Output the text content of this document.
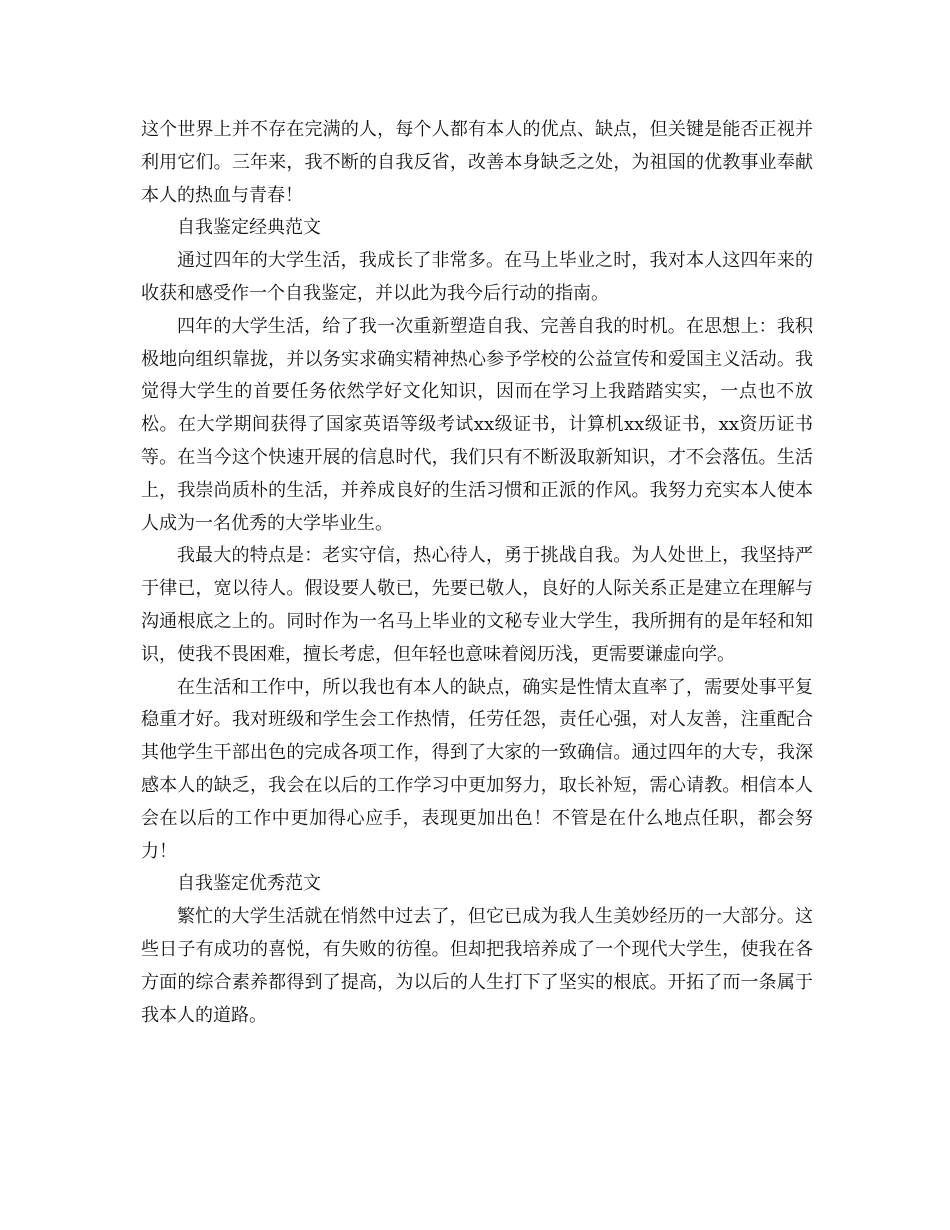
这个世界上并不存在完满的人，每个人都有本人的优点、缺点，但关键是能否正视并利用它们。三年来，我不断的自我反省，改善本身缺乏之处，为祖国的优教事业奉献本人的热血与青春！

自我鉴定经典范文

通过四年的大学生活，我成长了非常多。在马上毕业之时，我对本人这四年来的收获和感受作一个自我鉴定，并以此为我今后行动的指南。

四年的大学生活，给了我一次重新塑造自我、完善自我的时机。在思想上：我积极地向组织靠拢，并以务实求确实精神热心参予学校的公益宣传和爱国主义活动。我觉得大学生的首要任务依然学好文化知识，因而在学习上我踏踏实实，一点也不放松。在大学期间获得了国家英语等级考试xx级证书，计算机xx级证书，xx资历证书等。在当今这个快速开展的信息时代，我们只有不断汲取新知识，才不会落伍。生活上，我崇尚质朴的生活，并养成良好的生活习惯和正派的作风。我努力充实本人使本人成为一名优秀的大学毕业生。

我最大的特点是：老实守信，热心待人，勇于挑战自我。为人处世上，我坚持严于律已，宽以待人。假设要人敬已，先要已敬人，良好的人际关系正是建立在理解与沟通根底之上的。同时作为一名马上毕业的文秘专业大学生，我所拥有的是年轻和知识，使我不畏困难，擅长考虑，但年轻也意味着阅历浅，更需要谦虚向学。

在生活和工作中，所以我也有本人的缺点，确实是性情太直率了，需要处事平复稳重才好。我对班级和学生会工作热情，任劳任怨，责任心强，对人友善，注重配合其他学生干部出色的完成各项工作，得到了大家的一致确信。通过四年的大专，我深感本人的缺乏，我会在以后的工作学习中更加努力，取长补短，需心请教。相信本人会在以后的工作中更加得心应手，表现更加出色！不管是在什么地点任职，都会努力！

自我鉴定优秀范文

繁忙的大学生活就在悄然中过去了，但它已成为我人生美妙经历的一大部分。这些日子有成功的喜悦，有失败的彷徨。但却把我培养成了一个现代大学生，使我在各方面的综合素养都得到了提高，为以后的人生打下了坚实的根底。开拓了而一条属于我本人的道路。
